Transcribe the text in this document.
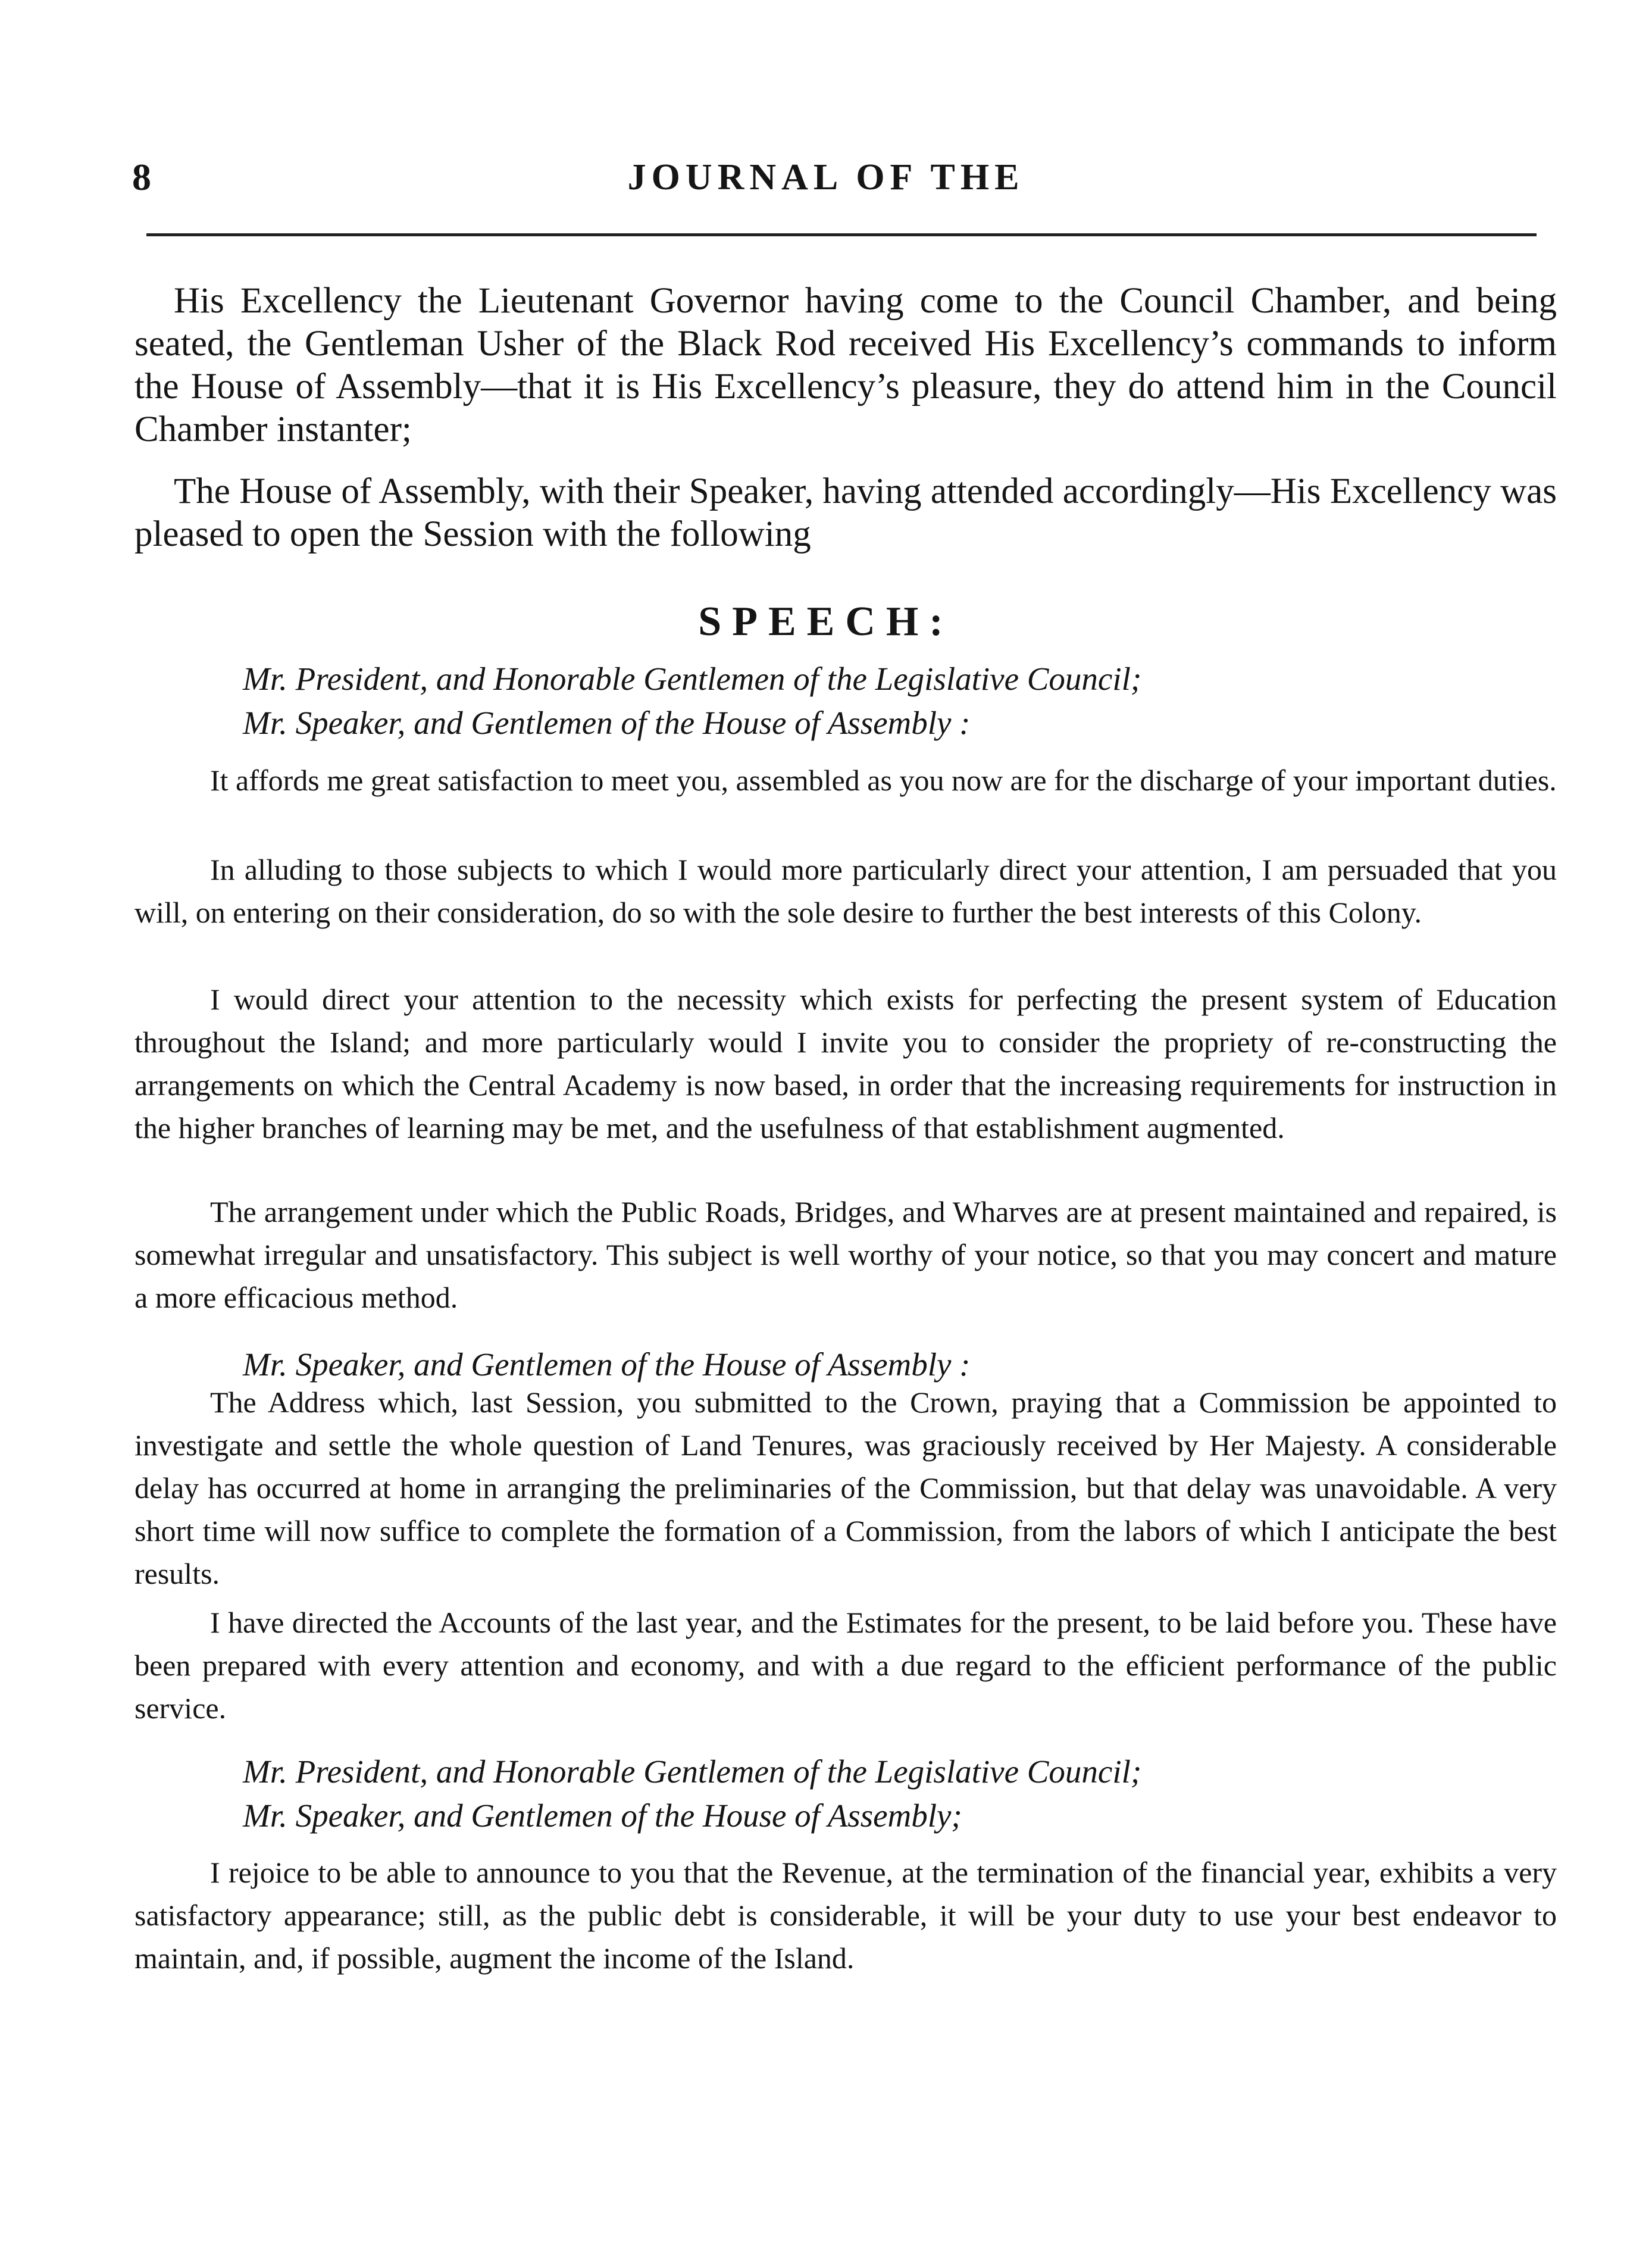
8	JOURNAL OF THE

His Excellency the Lieutenant Governor having come to the Council Chamber, and being seated, the Gentleman Usher of the Black Rod received His Excellency’s commands to inform the House of Assembly—that it is His Excellency’s pleasure, they do attend him in the Council Chamber instanter;

The House of Assembly, with their Speaker, having attended accordingly—His Excellency was pleased to open the Session with the following

SPEECH:
Mr. President, and Honorable Gentlemen of the Legislative Council;
Mr. Speaker, and Gentlemen of the House of Assembly :

It affords me great satisfaction to meet you, assembled as you now are for the discharge of your important duties.

In alluding to those subjects to which I would more particularly direct your attention, I am persuaded that you will, on entering on their consideration, do so with the sole desire to further the best interests of this Colony.

I would direct your attention to the necessity which exists for perfecting the present system of Education throughout the Island; and more particularly would I invite you to consider the propriety of re-constructing the arrangements on which the Central Academy is now based, in order that the increasing requirements for instruction in the higher branches of learning may be met, and the usefulness of that establishment augmented.

The arrangement under which the Public Roads, Bridges, and Wharves are at present maintained and repaired, is somewhat irregular and unsatisfactory. This subject is well worthy of your notice, so that you may concert and mature a more efficacious method.

Mr. Speaker, and Gentlemen of the House of Assembly :

The Address which, last Session, you submitted to the Crown, praying that a Commission be appointed to investigate and settle the whole question of Land Tenures, was graciously received by Her Majesty. A considerable delay has occurred at home in arranging the preliminaries of the Commission, but that delay was unavoidable. A very short time will now suffice to complete the formation of a Commission, from the labors of which I anticipate the best results.

I have directed the Accounts of the last year, and the Estimates for the present, to be laid before you. These have been prepared with every attention and economy, and with a due regard to the efficient performance of the public service.

Mr. President, and Honorable Gentlemen of the Legislative Council;
Mr. Speaker, and Gentlemen of the House of Assembly;

I rejoice to be able to announce to you that the Revenue, at the termination of the financial year, exhibits a very satisfactory appearance; still, as the public debt is considerable, it will be your duty to use your best endeavor to maintain, and, if possible, augment the income of the Island.
